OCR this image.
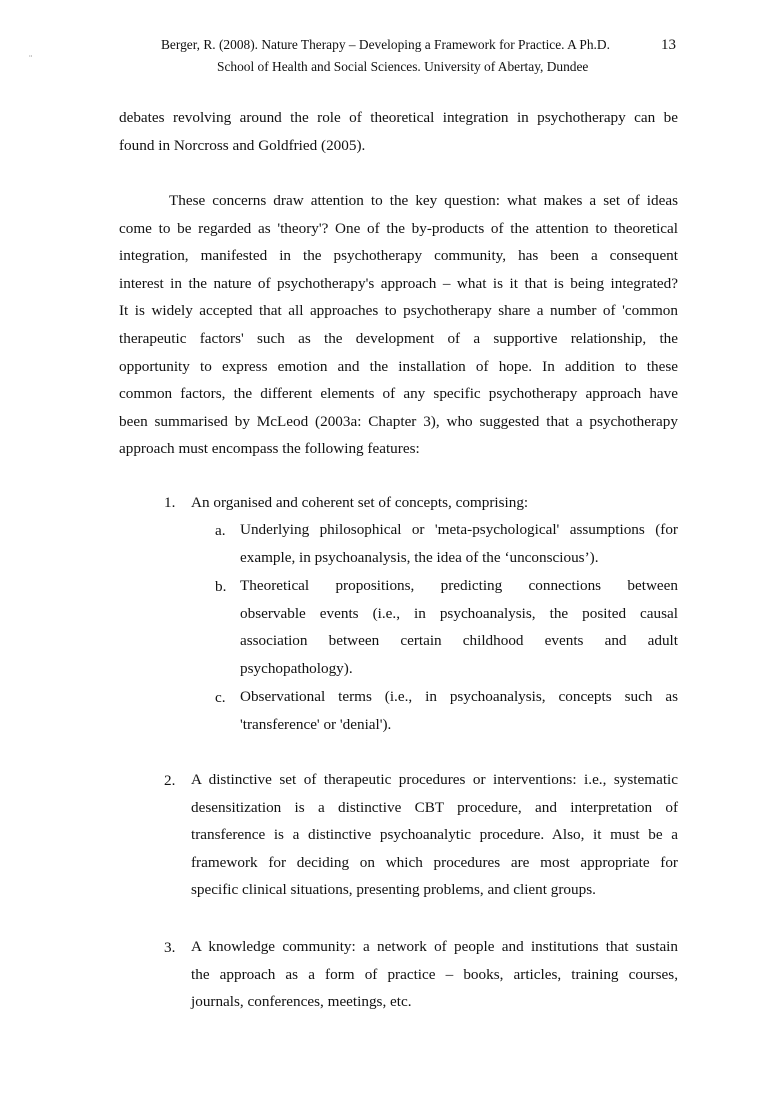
Berger, R. (2008). Nature Therapy – Developing a Framework for Practice. A Ph.D.	13
School of Health and Social Sciences. University of Abertay, Dundee
¨
debates revolving around the role of theoretical integration in psychotherapy can be
found in Norcross and Goldfried (2005).
These concerns draw attention to the key question: what makes a set of ideas
come to be regarded as 'theory'? One of the by-products of the attention to theoretical
integration, manifested in the psychotherapy community, has been a consequent
interest in the nature of psychotherapy's approach – what is it that is being integrated?
It is widely accepted that all approaches to psychotherapy share a number of 'common
therapeutic factors' such as the development of a supportive relationship, the
opportunity to express emotion and the installation of hope. In addition to these
common factors, the different elements of any specific psychotherapy approach have
been summarised by McLeod (2003a: Chapter 3), who suggested that a psychotherapy
approach must encompass the following features:
1. An organised and coherent set of concepts, comprising:
a. Underlying philosophical or 'meta-psychological' assumptions (for
example, in psychoanalysis, the idea of the ‘unconscious’).
b. Theoretical propositions, predicting connections between
observable events (i.e., in psychoanalysis, the posited causal
association between certain childhood events and adult
psychopathology).
c. Observational terms (i.e., in psychoanalysis, concepts such as
'transference' or 'denial').
2. A distinctive set of therapeutic procedures or interventions: i.e., systematic
desensitization is a distinctive CBT procedure, and interpretation of
transference is a distinctive psychoanalytic procedure. Also, it must be a
framework for deciding on which procedures are most appropriate for
specific clinical situations, presenting problems, and client groups.
3. A knowledge community: a network of people and institutions that sustain
the approach as a form of practice – books, articles, training courses,
journals, conferences, meetings, etc.
